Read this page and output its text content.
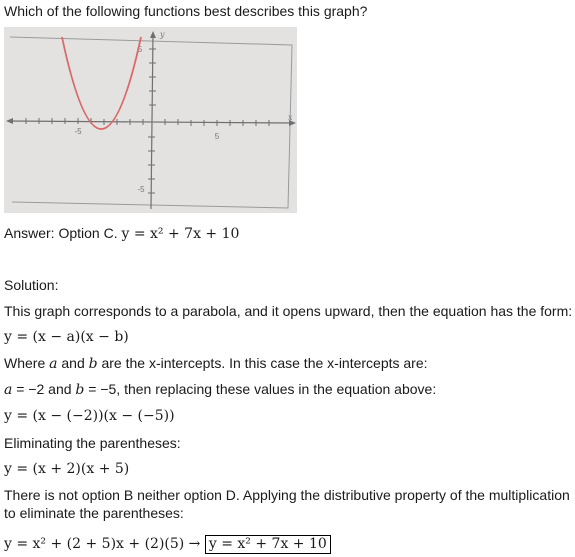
Which of the following functions best describes this graph?
-5
5
5
-5
y
x
Answer: Option C. y = x² + 7x + 10
Solution:
This graph corresponds to a parabola, and it opens upward, then the equation has the form:
y = (x − a)(x − b)
Where a and b are the x-intercepts. In this case the x-intercepts are:
a = −2 and b = −5, then replacing these values in the equation above:
y = (x − (−2))(x − (−5))
Eliminating the parentheses:
y = (x + 2)(x + 5)
There is not option B neither option D. Applying the distributive property of the multiplication to eliminate the parentheses:
y = x² + (2 + 5)x + (2)(5) → y = x² + 7x + 10
